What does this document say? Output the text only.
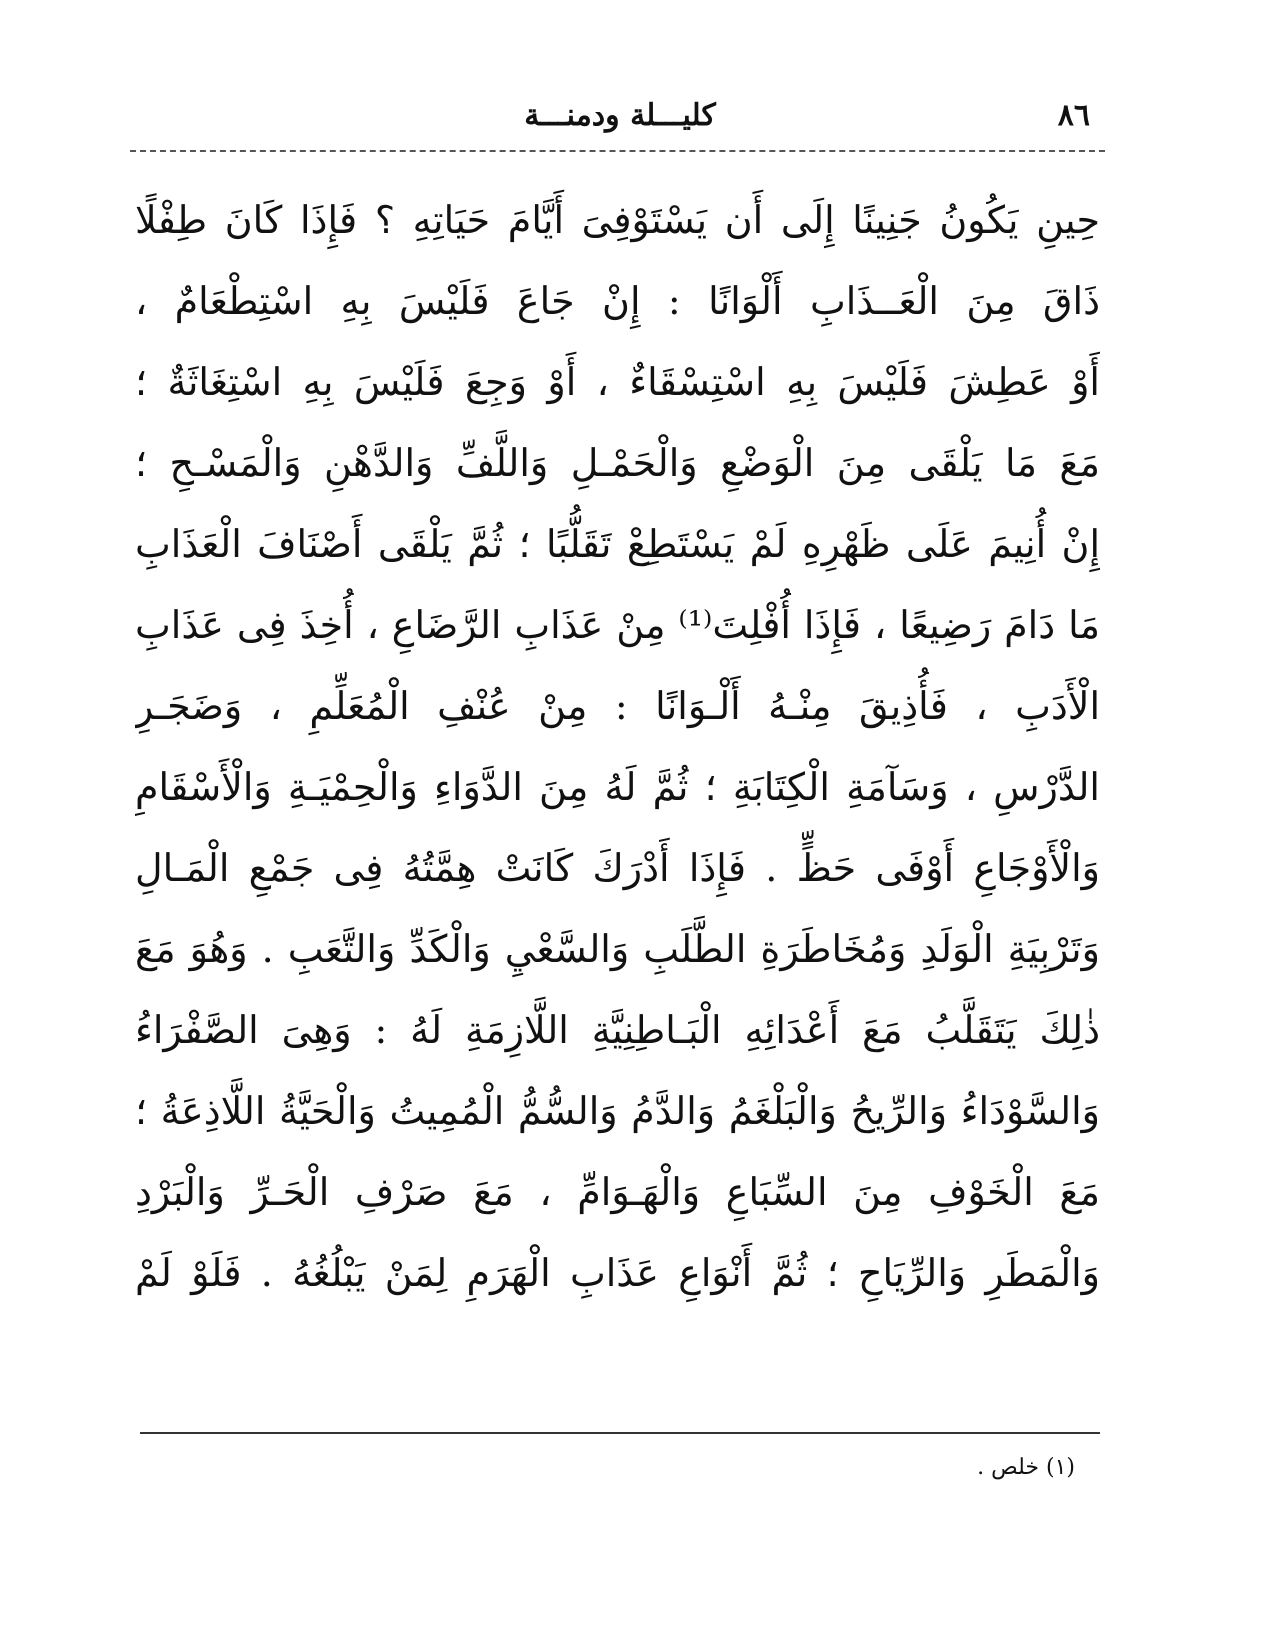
٨٦
كليـــلة ودمنـــة
حِينِ يَكُونُ جَنِينًا إِلَى أَن يَسْتَوْفِىَ أَيَّامَ حَيَاتِهِ ؟ فَإِذَا كَانَ طِفْلًا
ذَاقَ مِنَ الْعَــذَابِ أَلْوَانًا : إِنْ جَاعَ فَلَيْسَ بِهِ اسْتِطْعَامٌ ،
أَوْ عَطِشَ فَلَيْسَ بِهِ اسْتِسْقَاءٌ ، أَوْ وَجِعَ فَلَيْسَ بِهِ اسْتِغَاثَةٌ ؛
مَعَ مَا يَلْقَى مِنَ الْوَضْعِ وَالْحَمْـلِ وَاللَّفِّ وَالدَّهْنِ وَالْمَسْـحِ ؛
إِنْ أُنِيمَ عَلَى ظَهْرِهِ لَمْ يَسْتَطِعْ تَقَلُّبًا ؛ ثُمَّ يَلْقَى أَصْنَافَ الْعَذَابِ
مَا دَامَ رَضِيعًا ، فَإِذَا أُفْلِتَ⁽¹⁾ مِنْ عَذَابِ الرَّضَاعِ ، أُخِذَ فِى عَذَابِ
الْأَدَبِ ، فَأُذِيقَ مِنْـهُ أَلْـوَانًا : مِنْ عُنْفِ الْمُعَلِّمِ ، وَضَجَـرِ
الدَّرْسِ ، وَسَآمَةِ الْكِتَابَةِ ؛ ثُمَّ لَهُ مِنَ الدَّوَاءِ وَالْحِمْيَـةِ وَالْأَسْقَامِ
وَالْأَوْجَاعِ أَوْفَى حَظٍّ . فَإِذَا أَدْرَكَ كَانَتْ هِمَّتُهُ فِى جَمْعِ الْمَـالِ
وَتَرْبِيَةِ الْوَلَدِ وَمُخَاطَرَةِ الطَّلَبِ وَالسَّعْيِ وَالْكَدِّ وَالتَّعَبِ . وَهُوَ مَعَ
ذٰلِكَ يَتَقَلَّبُ مَعَ أَعْدَائِهِ الْبَـاطِنِيَّةِ اللَّازِمَةِ لَهُ : وَهِىَ الصَّفْرَاءُ
وَالسَّوْدَاءُ وَالرِّيحُ وَالْبَلْغَمُ وَالدَّمُ وَالسُّمُّ الْمُمِيتُ وَالْحَيَّةُ اللَّاذِعَةُ ؛
مَعَ الْخَوْفِ مِنَ السِّبَاعِ وَالْهَـوَامِّ ، مَعَ صَرْفِ الْحَـرِّ وَالْبَرْدِ
وَالْمَطَرِ وَالرِّيَاحِ ؛ ثُمَّ أَنْوَاعِ عَذَابِ الْهَرَمِ لِمَنْ يَبْلُغُهُ . فَلَوْ لَمْ
(١) خلص .
